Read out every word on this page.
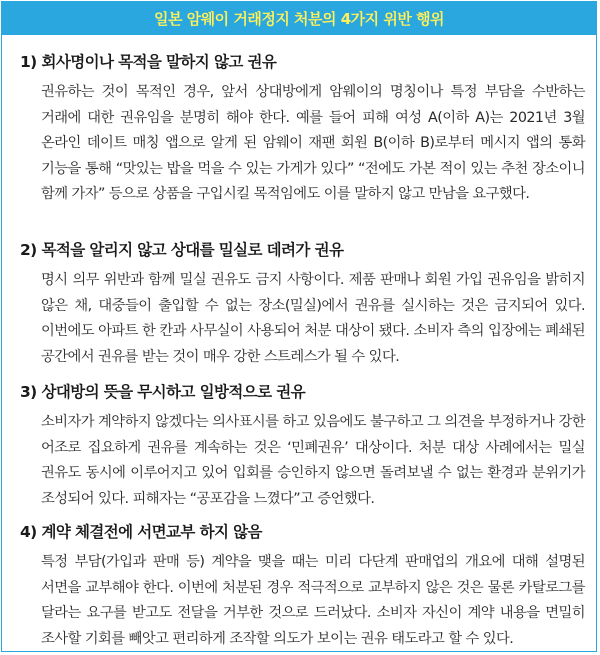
일본 암웨이 거래정지 처분의 4가지 위반 행위
1) 회사명이나 목적을 말하지 않고 권유
권유하는 것이 목적인 경우, 앞서 상대방에게 암웨이의 명칭이나 특정 부담을 수반하는 거래에 대한 권유임을 분명히 해야 한다. 예를 들어 피해 여성 A(이하 A)는 2021년 3월 온라인 데이트 매칭 앱으로 알게 된 암웨이 재팬 회원 B(이하 B)로부터 메시지 앱의 통화 기능을 통해 “맛있는 밥을 먹을 수 있는 가게가 있다” “전에도 가본 적이 있는 추천 장소이니 함께 가자” 등으로 상품을 구입시킬 목적임에도 이를 말하지 않고 만남을 요구했다.
2) 목적을 알리지 않고 상대를 밀실로 데려가 권유
명시 의무 위반과 함께 밀실 권유도 금지 사항이다. 제품 판매나 회원 가입 권유임을 밝히지 않은 채, 대중들이 출입할 수 없는 장소(밀실)에서 권유를 실시하는 것은 금지되어 있다. 이번에도 아파트 한 칸과 사무실이 사용되어 처분 대상이 됐다. 소비자 측의 입장에는 폐쇄된 공간에서 권유를 받는 것이 매우 강한 스트레스가 될 수 있다.
3) 상대방의 뜻을 무시하고 일방적으로 권유
소비자가 계약하지 않겠다는 의사표시를 하고 있음에도 불구하고 그 의견을 부정하거나 강한 어조로 집요하게 권유를 계속하는 것은 ‘민폐권유’ 대상이다. 처분 대상 사례에서는 밀실 권유도 동시에 이루어지고 있어 입회를 승인하지 않으면 돌려보낼 수 없는 환경과 분위기가 조성되어 있다. 피해자는 “공포감을 느꼈다”고 증언했다.
4) 계약 체결전에 서면교부 하지 않음
특정 부담(가입과 판매 등) 계약을 맺을 때는 미리 다단계 판매업의 개요에 대해 설명된 서면을 교부해야 한다. 이번에 처분된 경우 적극적으로 교부하지 않은 것은 물론 카탈로그를 달라는 요구를 받고도 전달을 거부한 것으로 드러났다. 소비자 자신이 계약 내용을 면밀히 조사할 기회를 빼앗고 편리하게 조작할 의도가 보이는 권유 태도라고 할 수 있다.
